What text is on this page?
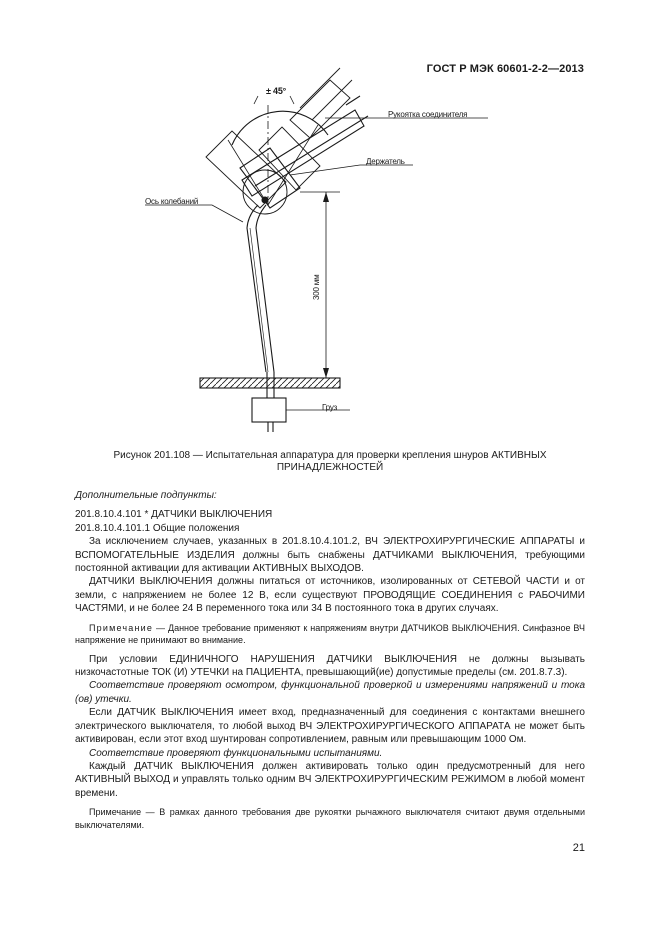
ГОСТ Р МЭК 60601-2-2—2013
± 45°
Рукоятка соединителя
Держатель
Ось колебаний
300 мм
Груз
Рисунок 201.108 — Испытательная аппаратура для проверки крепления шнуров АКТИВНЫХ
ПРИНАДЛЕЖНОСТЕЙ

Дополнительные подпункты:

201.8.10.4.101 * ДАТЧИКИ ВЫКЛЮЧЕНИЯ

201.8.10.4.101.1 Общие положения

За исключением случаев, указанных в 201.8.10.4.101.2, ВЧ ЭЛЕКТРОХИРУРГИЧЕСКИЕ АППАРАТЫ и ВСПОМОГАТЕЛЬНЫЕ ИЗДЕЛИЯ должны быть снабжены ДАТЧИКАМИ ВЫКЛЮЧЕНИЯ, требующими постоянной активации для активации АКТИВНЫХ ВЫХОДОВ.

ДАТЧИКИ ВЫКЛЮЧЕНИЯ должны питаться от источников, изолированных от СЕТЕВОЙ ЧАСТИ и от земли, с напряжением не более 12 В, если существуют ПРОВОДЯЩИЕ СОЕДИНЕНИЯ с РАБОЧИМИ ЧАСТЯМИ, и не более 24 В переменного тока или 34 В постоянного тока в других случаях.

Примечание — Данное требование применяют к напряжениям внутри ДАТЧИКОВ ВЫКЛЮЧЕНИЯ. Синфазное ВЧ напряжение не принимают во внимание.

При условии ЕДИНИЧНОГО НАРУШЕНИЯ ДАТЧИКИ ВЫКЛЮЧЕНИЯ не должны вызывать низкочастотные ТОК (И) УТЕЧКИ на ПАЦИЕНТА, превышающий(ие) допустимые пределы (см. 201.8.7.3).

Соответствие проверяют осмотром, функциональной проверкой и измерениями напряжений и тока (ов) утечки.

Если ДАТЧИК ВЫКЛЮЧЕНИЯ имеет вход, предназначенный для соединения с контактами внешнего электрического выключателя, то любой выход ВЧ ЭЛЕКТРОХИРУРГИЧЕСКОГО АППАРАТА не может быть активирован, если этот вход шунтирован сопротивлением, равным или превышающим 1000 Ом.

Соответствие проверяют функциональными испытаниями.

Каждый ДАТЧИК ВЫКЛЮЧЕНИЯ должен активировать только один предусмотренный для него АКТИВНЫЙ ВЫХОД и управлять только одним ВЧ ЭЛЕКТРОХИРУРГИЧЕСКИМ РЕЖИМОМ в любой момент времени.

Примечание — В рамках данного требования две рукоятки рычажного выключателя считают двумя отдельными выключателями.

21
